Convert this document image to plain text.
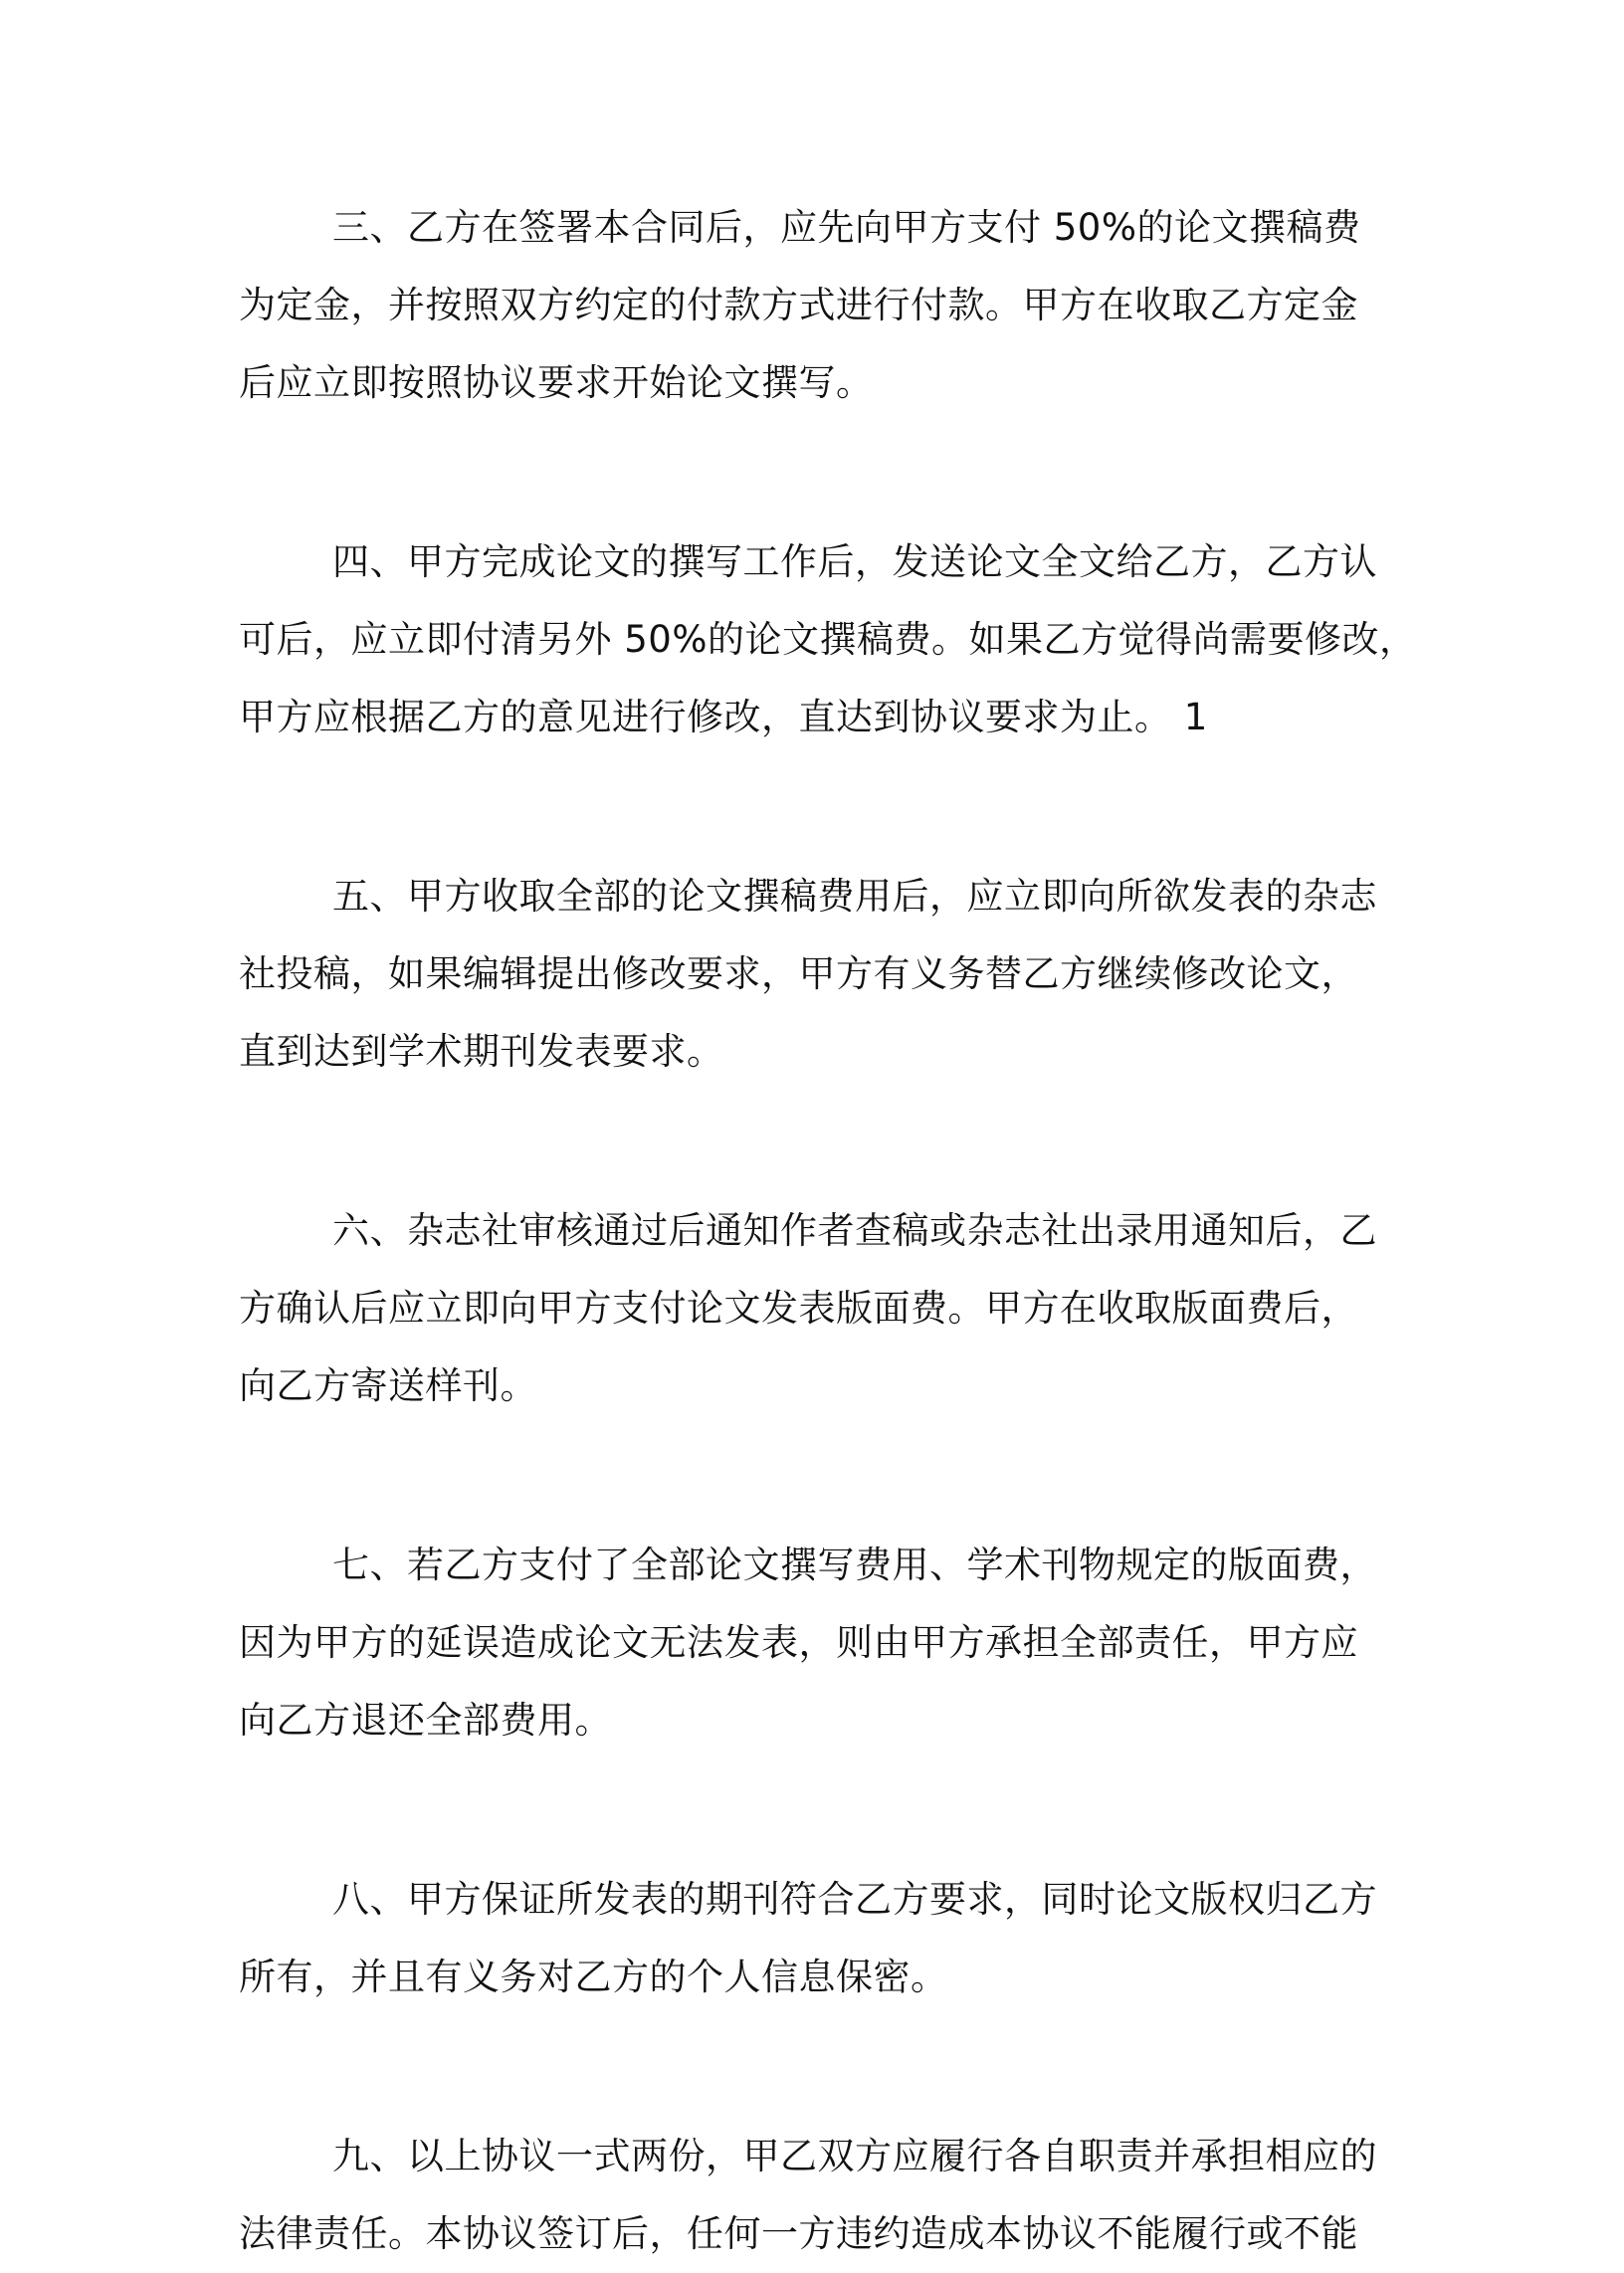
三、乙方在签署本合同后，应先向甲方支付 50%的论文撰稿费
为定金，并按照双方约定的付款方式进行付款。甲方在收取乙方定金
后应立即按照协议要求开始论文撰写。
四、甲方完成论文的撰写工作后，发送论文全文给乙方，乙方认
可后，应立即付清另外 50%的论文撰稿费。如果乙方觉得尚需要修改，
甲方应根据乙方的意见进行修改，直达到协议要求为止。 1
五、甲方收取全部的论文撰稿费用后，应立即向所欲发表的杂志
社投稿，如果编辑提出修改要求，甲方有义务替乙方继续修改论文，
直到达到学术期刊发表要求。
六、杂志社审核通过后通知作者查稿或杂志社出录用通知后，乙
方确认后应立即向甲方支付论文发表版面费。甲方在收取版面费后，
向乙方寄送样刊。
七、若乙方支付了全部论文撰写费用、学术刊物规定的版面费，
因为甲方的延误造成论文无法发表，则由甲方承担全部责任，甲方应
向乙方退还全部费用。
八、甲方保证所发表的期刊符合乙方要求，同时论文版权归乙方
所有，并且有义务对乙方的个人信息保密。
九、以上协议一式两份，甲乙双方应履行各自职责并承担相应的
法律责任。本协议签订后，任何一方违约造成本协议不能履行或不能
